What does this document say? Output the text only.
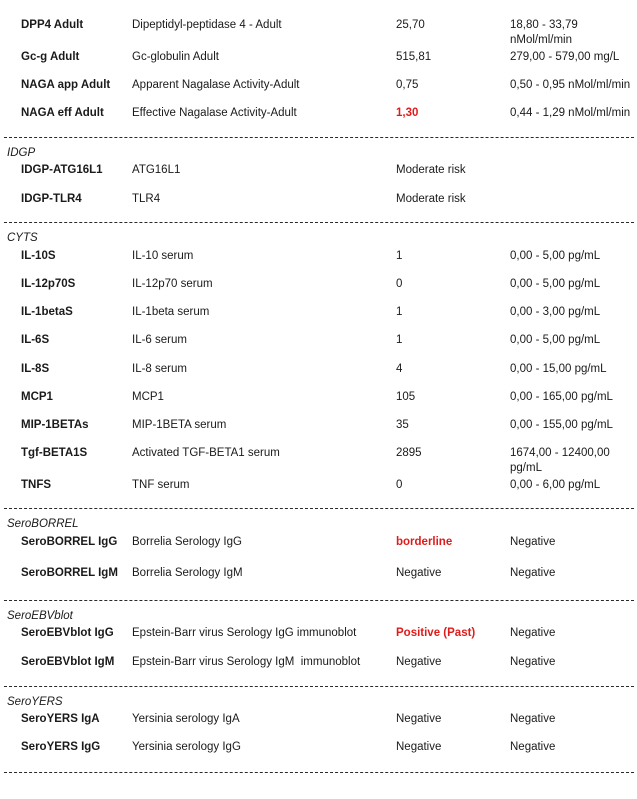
DPP4 Adult	Dipeptidyl-peptidase 4 - Adult	25,70	18,80 - 33,79 nMol/ml/min
Gc-g Adult	Gc-globulin Adult	515,81	279,00 - 579,00 mg/L
NAGA app Adult	Apparent Nagalase Activity-Adult	0,75	0,50 - 0,95 nMol/ml/min
NAGA eff Adult	Effective Nagalase Activity-Adult	1,30	0,44 - 1,29 nMol/ml/min
IDGP
IDGP-ATG16L1	ATG16L1	Moderate risk
IDGP-TLR4	TLR4	Moderate risk
CYTS
IL-10S	IL-10 serum	1	0,00 - 5,00 pg/mL
IL-12p70S	IL-12p70 serum	0	0,00 - 5,00 pg/mL
IL-1betaS	IL-1beta serum	1	0,00 - 3,00 pg/mL
IL-6S	IL-6 serum	1	0,00 - 5,00 pg/mL
IL-8S	IL-8 serum	4	0,00 - 15,00 pg/mL
MCP1	MCP1	105	0,00 - 165,00 pg/mL
MIP-1BETAs	MIP-1BETA serum	35	0,00 - 155,00 pg/mL
Tgf-BETA1S	Activated TGF-BETA1 serum	2895	1674,00 - 12400,00 pg/mL
TNFS	TNF serum	0	0,00 - 6,00 pg/mL
SeroBORREL
SeroBORREL IgG	Borrelia Serology IgG	borderline	Negative
SeroBORREL IgM	Borrelia Serology IgM	Negative	Negative
SeroEBVblot
SeroEBVblot IgG	Epstein-Barr virus Serology IgG immunoblot	Positive (Past)	Negative
SeroEBVblot IgM	Epstein-Barr virus Serology IgM  immunoblot	Negative	Negative
SeroYERS
SeroYERS IgA	Yersinia serology IgA	Negative	Negative
SeroYERS IgG	Yersinia serology IgG	Negative	Negative
